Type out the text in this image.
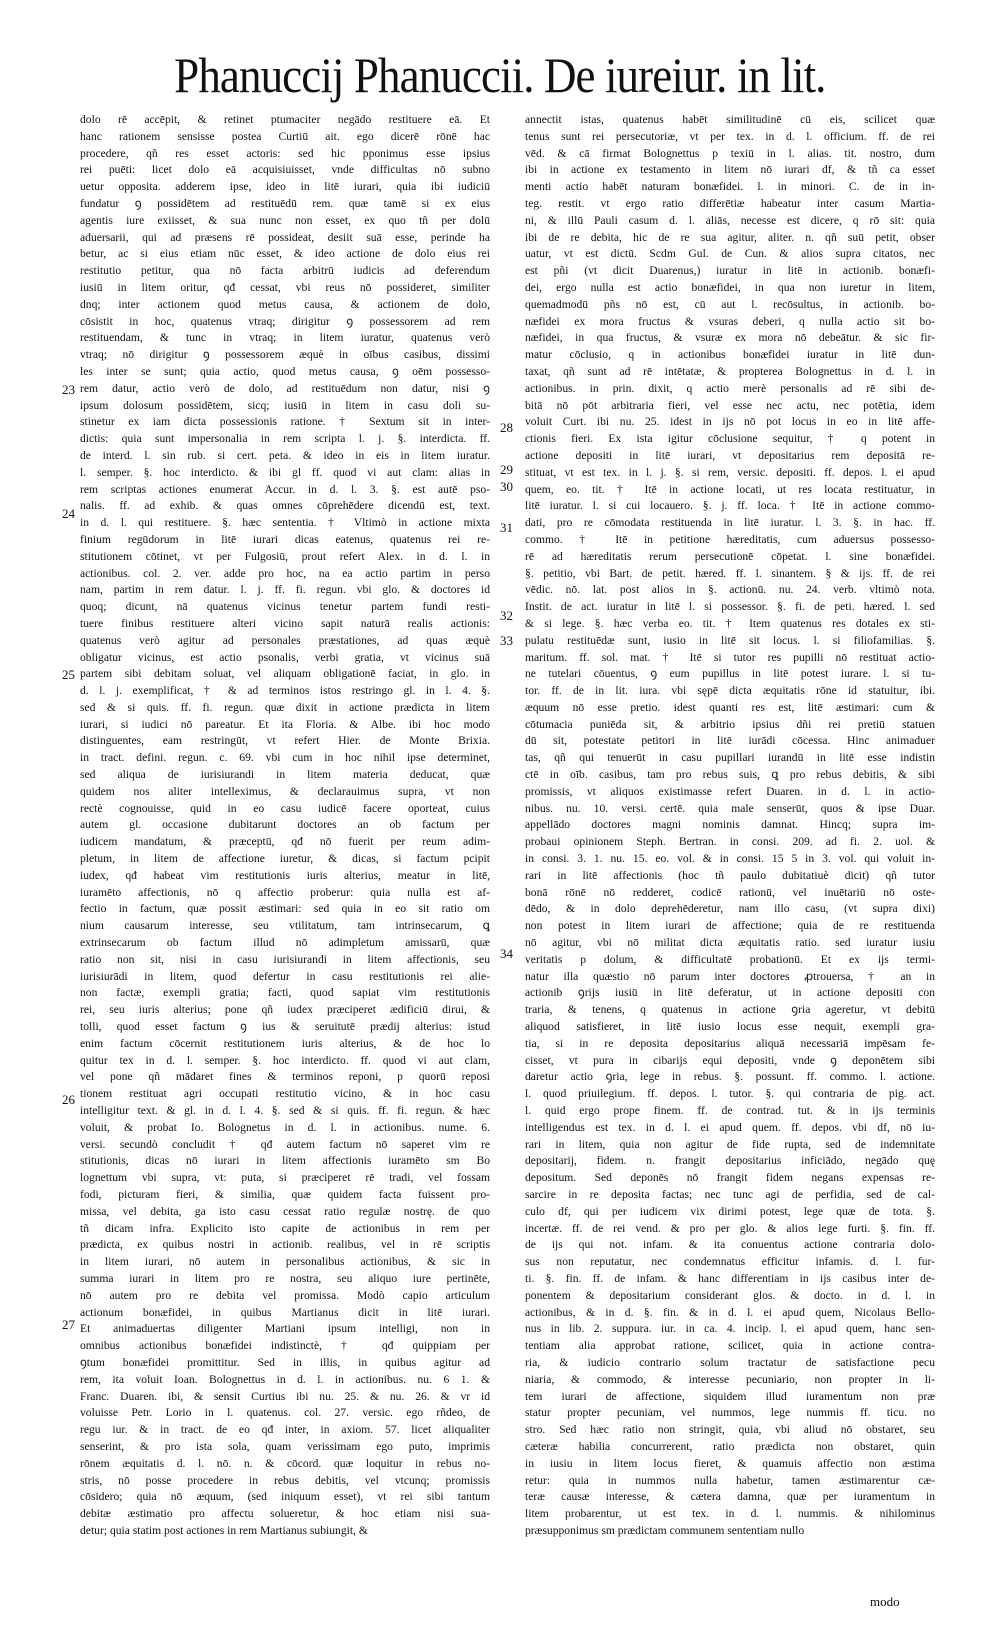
Phanuccij Phanuccii. De iureiur. in lit.
dolo rē accēpit, & retinet ptumaciter negādo restituere eā. Et
hanc rationem sensisse postea Curtiū ait. ego dicerē rōnē hac
procedere, qñ res esset actoris: sed hic pponimus esse ipsius
rei puēti: licet dolo eā acquisiuisset, vnde difficultas nō subno
uetur opposita. adderem ipse, ideo in litē iurari, quia ibi iudiciū
fundatur ꝯ possidētem ad restituēdū rem. quæ tamē si ex eius
agentis iure exiisset, & sua nunc non esset, ex quo tñ per dolū
aduersarii, qui ad præsens rē possideat, desiit suā esse, perinde ha
betur, ac si eius etiam nūc esset, & ideo actione de dolo eius rei
restitutio petitur, qua nō facta arbitrū iudicis ad deferendum
iusiū in litem oritur, qđ cessat, vbi reus nō possideret, similiter
dnq; inter actionem quod metus causa, & actionem de dolo,
cōsistit in hoc, quatenus vtraq; dirigitur ꝯ possessorem ad rem
restituendam, & tunc in vtraq; in litem iuratur, quatenus verò
vtraq; nō dirigitur ꝯ possessorem æquè in oībus casibus, dissimi
les inter se sunt; quia actio, quod metus causa, ꝯ oēm possesso-
rem datur, actio verò de dolo, ad restituēdum non datur, nisi ꝯ
ipsum dolosum possidētem, sicq; iusiū in litem in casu doli su-
stinetur ex iam dicta possessionis ratione. † Sextum sit in inter-
dictis: quia sunt impersonalia in rem scripta l. j. §. interdicta. ff.
de interd. l. sin rub. si cert. peta. & ideo in eis in litem iuratur.
l. semper. §. hoc interdicto. & ibi gl ff. quod vi aut clam: alias in
rem scriptas actiones enumerat Accur. in d. l. 3. §. est autē pso-
nalis. ff. ad exhib. & quas omnes cōprehēdere dicendū est, text.
in d. l. qui restituere. §. hæc sententia. † Vltimò in actione mixta
finium regūdorum in litē iurari dicas eatenus, quatenus rei re-
stitutionem cōtinet, vt per Fulgosiū, prout refert Alex. in d. l. in
actionibus. col. 2. ver. adde pro hoc, na ea actio partim in perso
nam, partim in rem datur. l. j. ff. fi. regun. vbi glo. & doctores id
quoq; dicunt, nā quatenus vicinus tenetur partem fundi resti-
tuere finibus restituere alteri vicino sapit naturā realis actionis:
quatenus verò agitur ad personales præstationes, ad quas æquè
obligatur vicinus, est actio psonalis, verbi gratia, vt vicinus suā
partem sibi debitam soluat, vel aliquam obligationē faciat, in glo. in
d. l. j. exemplificat, † & ad terminos istos restringo gl. in l. 4. §.
sed & si quis. ff. fi. regun. quæ dixit in actione prædicta in litem
iurari, si iudici nō pareatur. Et ita Floria. & Albe. ibi hoc modo
distinguentes, eam restringūt, vt refert Hier. de Monte Brixia.
in tract. defini. regun. c. 69. vbi cum in hoc nihil ipse determinet,
sed aliqua de iurisiurandi in litem materia deducat, quæ
quidem nos aliter intelleximus, & declarauimus supra, vt non
rectè cognouisse, quid in eo casu iudicē facere oporteat, cuius
autem gl. occasione dubitarunt doctores an ob factum per
iudicem mandatum, & præceptū, qđ nō fuerit per reum adim-
pletum, in litem de affectione iuretur, & dicas, si factum pcipit
iudex, qđ habeat vim restitutionis iuris alterius, meatur in litē,
iuramēto affectionis, nō q affectio proberur: quia nulla est af-
fectio in factum, quæ possit æstimari: sed quia in eo sit ratio om
nium causarum interesse, seu vtilitatum, tam intrinsecarum, ꝗ
extrinsecarum ob factum illud nō adimpletum amissarū, quæ
ratio non sit, nisi in casu iurisiurandi in litem affectionis, seu
iurisiurādi in litem, quod defertur in casu restitutionis rei alie-
non factæ, exempli gratia; facti, quod sapiat vim restitutionis
rei, seu iuris alterius; pone qñ iudex præciperet ædificiū dirui, &
tolli, quod esset factum ꝯ ius & seruitutē prædij alterius: istud
enim factum cōcernit restitutionem iuris alterius, & de hoc lo
quitur tex in d. l. semper. §. hoc interdicto. ff. quod vi aut clam,
vel pone qñ mādaret fines & terminos reponi, p quorū reposi
tionem restituat agri occupati restitutio vicino, & in hoc casu
intelligitur text. & gl. in d. l. 4. §. sed & si quis. ff. fi. regun. & hæc
voluit, & probat Io. Bolognetus in d. l. in actionibus. nume. 6.
versi. secundò concludit † qđ autem factum nō saperet vim re
stitutionis, dicas nō iurari in litem affectionis iuramēto sm Bo
lognettum vbi supra, vt: puta, si præciperet rē tradi, vel fossam
fodi, picturam fieri, & similia, quæ quidem facta fuissent pro-
missa, vel debita, ga isto casu cessat ratio regulæ nostrę. de quo
tñ dicam infra. Explicito isto capite de actionibus in rem per
prædicta, ex quibus nostri in actionib. realibus, vel in rē scriptis
in litem iurari, nō autem in personalibus actionibus, & sic in
summa iurari in litem pro re nostra, seu aliquo iure pertinēte,
nō autem pro re debita vel promissa. Modò capio articulum
actionum bonæfidei, in quibus Martianus dicit in litē iurari.
Et animaduertas diligenter Martiani ipsum intelligi, non in
omnibus actionibus bonæfidei indistinctè, † qđ quippiam per
ꝯtum bonæfidei promittitur. Sed in illis, in quibus agitur ad
rem, ita voluit Ioan. Bolognettus in d. l. in actionibus. nu. 6 1. &
Franc. Duaren. ibi, & sensit Curtius ibi nu. 25. & nu. 26. & vr id
voluisse Petr. Lorio in l. quatenus. col. 27. versic. ego rñdeo, de
regu iur. & in tract. de eo qđ inter, in axiom. 57. licet aliqualiter
senserint, & pro ista sola, quam verissimam ego puto, imprimis
rōnem æquitatis d. l. nō. n. & cōcord. quæ loquitur in rebus no-
stris, nō posse procedere in rebus debitis, vel vtcunq; promissis
cōsidero; quia nō æquum, (sed iniquum esset), vt rei sibi tantum
debitæ æstimatio pro affectu solueretur, & hoc etiam nisi sua-
detur; quia statim post actiones in rem Martianus subiungit, &
annectit istas, quatenus habēt similitudinē cū eis, scilicet quæ
tenus sunt rei persecutoriæ, vt per tex. in d. l. officium. ff. de rei
vēd. & cā firmat Bolognettus p texiū in l. alias. tit. nostro, dum
ibi in actione ex testamento in litem nō iurari df, & tñ ca esset
menti actio habēt naturam bonæfidei. l. in minori. C. de in in-
teg. restit. vt ergo ratio differētiæ habeatur inter casum Martia-
ni, & illū Pauli casum d. l. aliās, necesse est dicere, q rō sit: quia
ibi de re debita, hic de re sua agitur, aliter. n. qñ suū petit, obser
uatur, vt est dictū. Scdm Gul. de Cun. & alios supra citatos, nec
est pñi (vt dicit Duarenus,) iuratur in litē in actionib. bonæfi-
dei, ergo nulla est actio bonæfidei, in qua non iuretur in litem,
quemadmodū pñs nō est, cū aut l. recōsultus, in actionib. bo-
næfidei ex mora fructus & vsuras deberi, q nulla actio sit bo-
næfidei, in qua fructus, & vsuræ ex mora nō debeātur. & sic fir-
matur cōclusio, q in actionibus bonæfidei iuratur in litē dun-
taxat, qñ sunt ad rē intētatæ, & propterea Bolognettus in d. l. in
actionibus. in prin. dixit, q actio merè personalis ad rē sibi de-
bitā nō pōt arbitraria fieri, vel esse nec actu, nec potētia, idem
voluit Curt. ibi nu. 25. idest in ijs nō pot locus in eo in litē affe-
ctionis fieri. Ex ista igitur cōclusione sequitur, † q potent in
actione depositi in litē iurari, vt depositarius rem depositā re-
stituat, vt est tex. in l. j. §. si rem, versic. depositi. ff. depos. l. ei apud
quem, eo. tit. † Itē in actione locati, ut res locata restituatur, in
litē iuratur. l. si cui locauero. §. j. ff. loca. † Itē in actione commo-
dati, pro re cōmodata restituenda in litē iuratur. l. 3. §. in hac. ff.
commo. † Itē in petitione hæreditatis, cum aduersus possesso-
rē ad hæreditatis rerum persecutionē cōpetat. l. sine bonæfidei.
§. petitio, vbi Bart. de petit. hæred. ff. l. sinantem. § & ijs. ff. de rei
vēdic. nō. lat. post alios in §. actionū. nu. 24. verb. vltimò nota.
Instit. de act. iuratur in litē l. si possessor. §. fi. de peti. hæred. l. sed
& si lege. §. hæc verba eo. tit. † Item quatenus res dotales ex sti-
pulatu restituēdæ sunt, iusio in litē sit locus. l. si filiofamilias. §.
maritum. ff. sol. mat. † Itē si tutor res pupilli nō restituat actio-
ne tutelari cōuentus, ꝯ eum pupillus in litē potest iurare. l. si tu-
tor. ff. de in lit. iura. vbi sępē dicta æquitatis rōne id statuitur, ibi.
æquum nō esse pretio. idest quanti res est, litē æstimari: cum &
cōtumacia puniēda sit, & arbitrio ipsius dñi rei pretiū statuen
dū sit, potestate petitori in litē iurādi cōcessa. Hinc animaduer
tas, qñ qui tenuerūt in casu pupillari iurandū in litē esse indistin
ctē in oīb. casibus, tam pro rebus suis, ꝗ pro rebus debitis, & sibi
promissis, vt aliquos existimasse refert Duaren. in d. l. in actio-
nibus. nu. 10. versi. certē. quia male senserūt, quos & ipse Duar.
appellādo doctores magni nominis damnat. Hincq; supra im-
probaui opinionem Steph. Bertran. in consi. 209. ad fi. 2. uol. &
in consi. 3. 1. nu. 15. eo. vol. & in consi. 15 5 in 3. vol. qui voluit in-
rari in litē affectionis (hoc tñ paulo dubitatiuè dicit) qñ tutor
bonā rōnē nō redderet, codicē rationū, vel inuētariū nō oste-
dēdo, & in dolo deprehēderetur, nam illo casu, (vt supra dixi)
non potest in litem iurari de affectione; quia de re restituenda
nō agitur, vbi nō militat dicta æquitatis ratio. sed iuratur iusiu
veritatis p dolum, & difficultatē probationū. Et ex ijs termi-
natur illa quæstio nō parum inter doctores ꝓtrouersa, † an in
actionib ꝯrijs iusiū in litē deferatur, ut in actione depositi con
traria, & tenens, q quatenus in actione ꝯria ageretur, vt debitū
aliquod satisfieret, in litē iusio locus esse nequit, exempli gra-
tia, si in re deposita depositarius aliquā necessariā impēsam fe-
cisset, vt pura in cibarijs equi depositi, vnde ꝯ deponētem sibi
daretur actio ꝯria, lege in rebus. §. possunt. ff. commo. l. actione.
l. quod priuilegium. ff. depos. l. tutor. §. qui contraria de pig. act.
l. quid ergo prope finem. ff. de contrad. tut. & in ijs terminis
intelligendus est tex. in d. l. ei apud quem. ff. depos. vbi df, nō iu-
rari in litem, quia non agitur de fide rupta, sed de indemnitate
depositarij, fidem. n. frangit depositarius inficiādo, negādo quę
depositum. Sed deponēs nō frangit fidem negans expensas re-
sarcire in re deposita factas; nec tunc agi de perfidia, sed de cal-
culo df, qui per iudicem vix dirimi potest, lege quæ de tota. §.
incertæ. ff. de rei vend. & pro per glo. & alios lege furti. §. fin. ff.
de ijs qui not. infam. & ita conuentus actione contraria dolo-
sus non reputatur, nec condemnatus efficitur infamis. d. l. fur-
ti. §. fin. ff. de infam. & hanc differentiam in ijs casibus inter de-
ponentem & depositarium considerant glos. & docto. in d. l. in
actionibus, & in d. §. fin. & in d. l. ei apud quem, Nicolaus Bello-
nus in lib. 2. suppura. iur. in ca. 4. incip. l. ei apud quem, hanc sen-
tentiam alia approbat ratione, scilicet, quia in actione contra-
ria, & iudicio contrario solum tractatur de satisfactione pecu
niaria, & commodo, & interesse pecuniario, non propter in li-
tem iurari de affectione, siquidem illud iuramentum non præ
statur propter pecuniam, vel nummos, lege nummis ff. ticu. no
stro. Sed hæc ratio non stringit, quia, vbi aliud nō obstaret, seu
cæteræ habilia concurrerent, ratio prædicta non obstaret, quin
in iusiu in litem locus fieret, & quamuis affectio non æstima
retur: quia in nummos nulla habetur, tamen æstimarentur cæ-
teræ causæ interesse, & cætera damna, quæ per iuramentum in
litem probarentur, ut est tex. in d. l. nummis. & nihilominus
præsupponimus sm prædictam communem sententiam nullo
23
24
25
26
27
28
29
30
31
32
33
34
modo
